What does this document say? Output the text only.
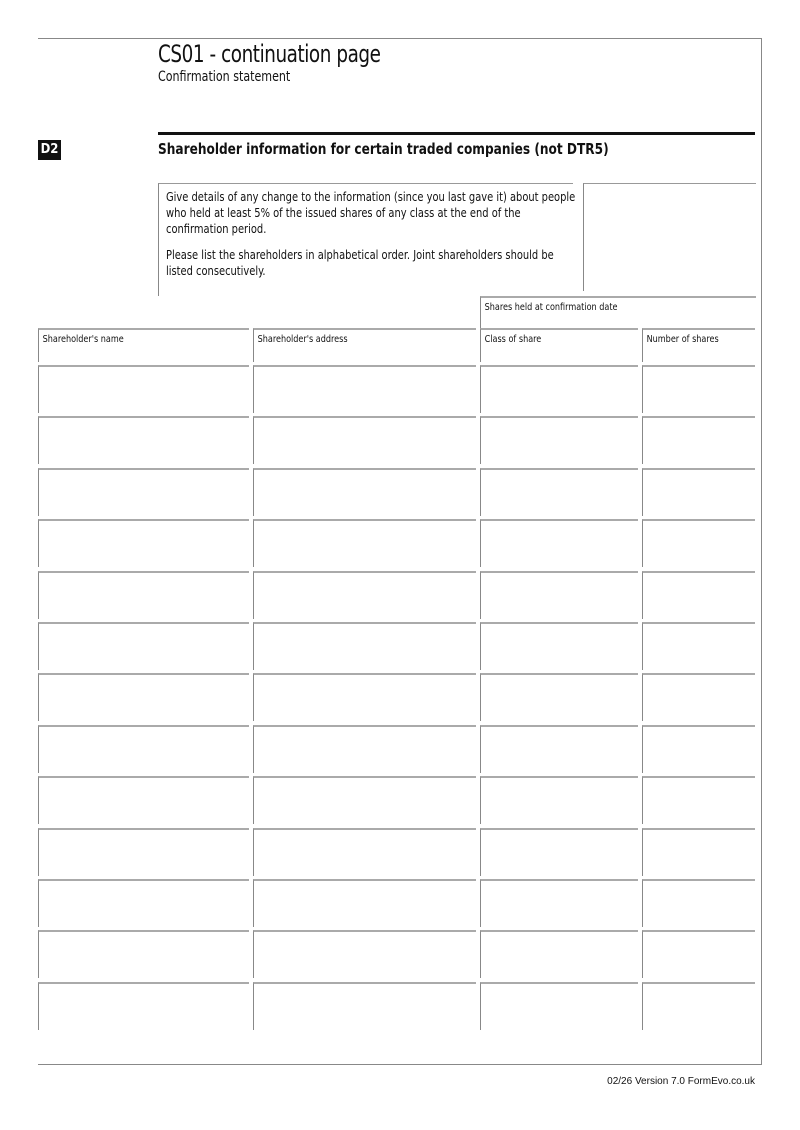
CS01 - continuation page
Confirmation statement
D2	Shareholder information for certain traded companies (not DTR5)

Give details of any change to the information (since you last gave it) about people who held at least 5% of the issued shares of any class at the end of the confirmation period.

Please list the shareholders in alphabetical order. Joint shareholders should be listed consecutively.

Shares held at confirmation date
Shareholder's name	Shareholder's address	Class of share	Number of shares
02/26 Version 7.0 FormEvo.co.uk
